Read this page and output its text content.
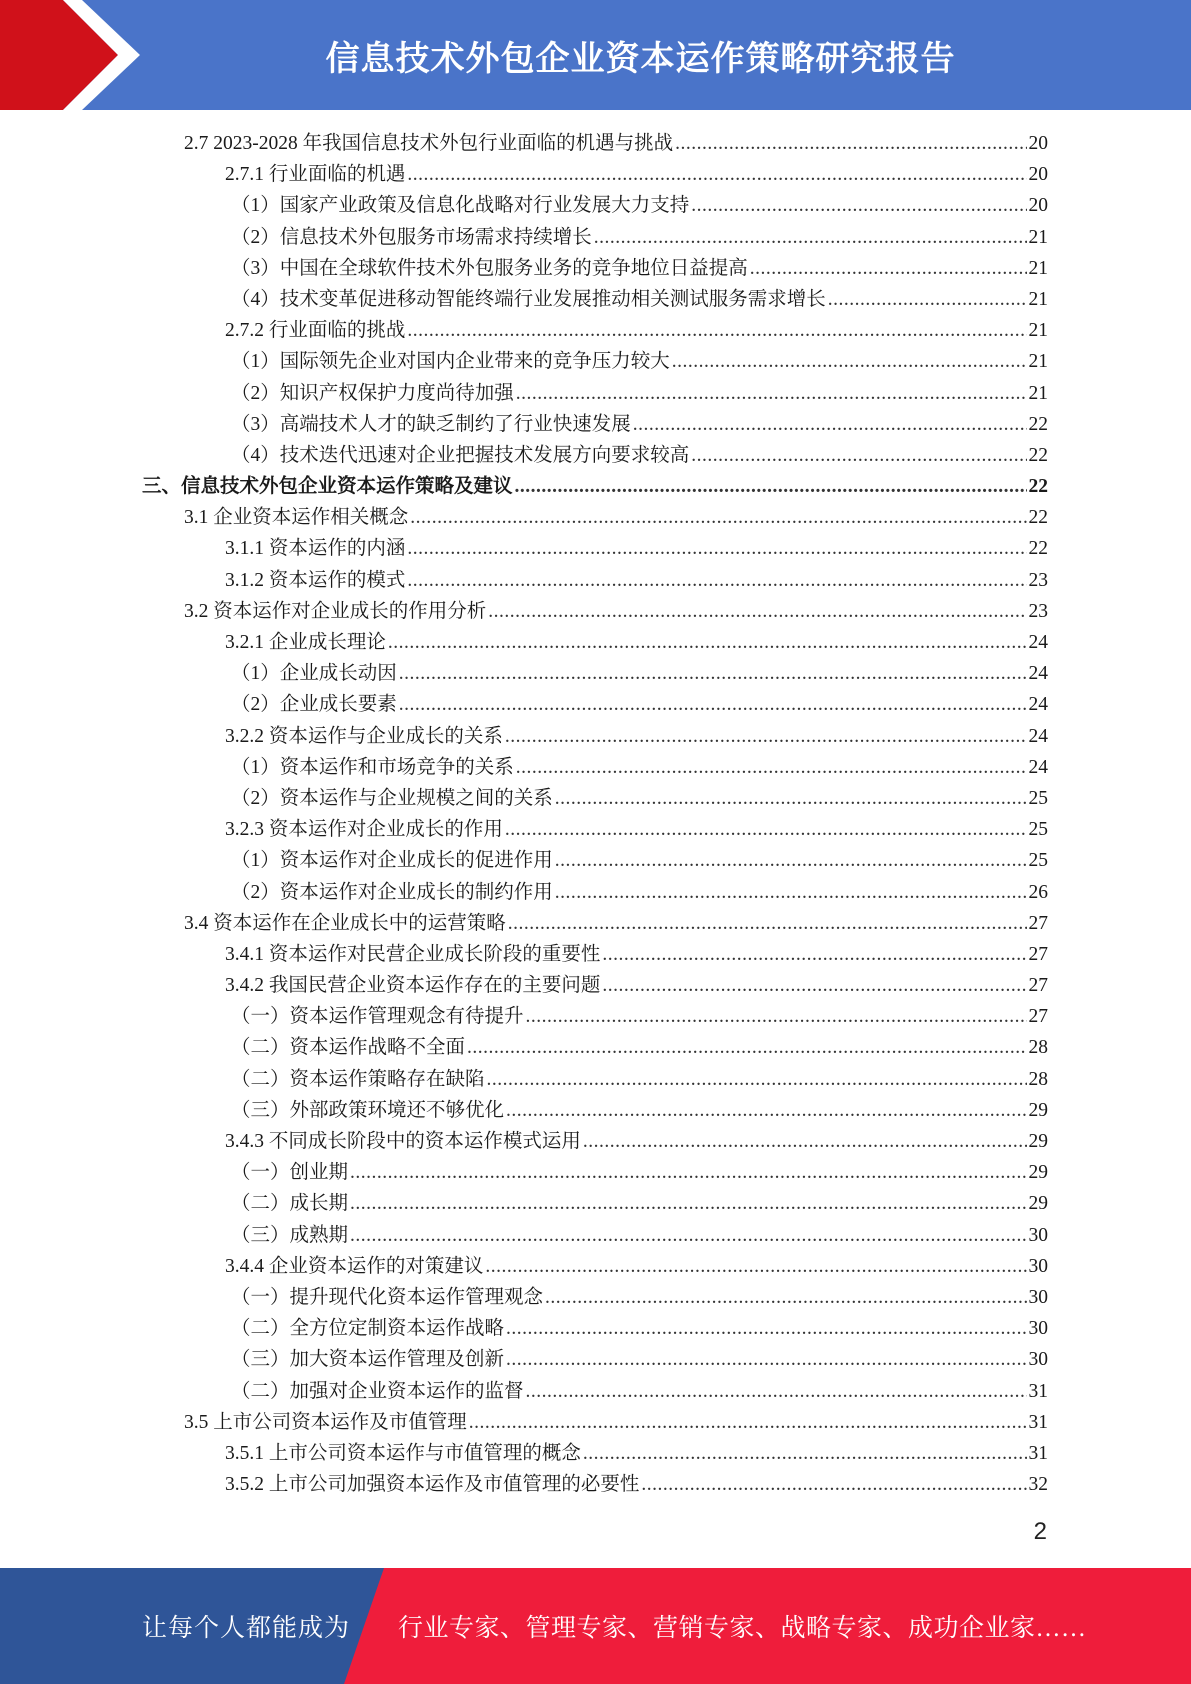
信息技术外包企业资本运作策略研究报告
2.7 2023-2028 年我国信息技术外包行业面临的机遇与挑战 .....	20
2.7.1 行业面临的机遇 .....	20
（1）国家产业政策及信息化战略对行业发展大力支持 .....	20
（2）信息技术外包服务市场需求持续增长 .....	21
（3）中国在全球软件技术外包服务业务的竞争地位日益提高 .....	21
（4）技术变革促进移动智能终端行业发展推动相关测试服务需求增长 .....	21
2.7.2 行业面临的挑战 .....	21
（1）国际领先企业对国内企业带来的竞争压力较大 .....	21
（2）知识产权保护力度尚待加强 .....	21
（3）高端技术人才的缺乏制约了行业快速发展 .....	22
（4）技术迭代迅速对企业把握技术发展方向要求较高 .....	22
三、信息技术外包企业资本运作策略及建议 .....	22
3.1 企业资本运作相关概念 .....	22
3.1.1 资本运作的内涵 .....	22
3.1.2 资本运作的模式 .....	23
3.2 资本运作对企业成长的作用分析 .....	23
3.2.1 企业成长理论 .....	24
（1）企业成长动因 .....	24
（2）企业成长要素 .....	24
3.2.2 资本运作与企业成长的关系 .....	24
（1）资本运作和市场竞争的关系 .....	24
（2）资本运作与企业规模之间的关系 .....	25
3.2.3 资本运作对企业成长的作用 .....	25
（1）资本运作对企业成长的促进作用 .....	25
（2）资本运作对企业成长的制约作用 .....	26
3.4 资本运作在企业成长中的运营策略 .....	27
3.4.1 资本运作对民营企业成长阶段的重要性 .....	27
3.4.2 我国民营企业资本运作存在的主要问题 .....	27
（一）资本运作管理观念有待提升 .....	27
（二）资本运作战略不全面 .....	28
（二）资本运作策略存在缺陷 .....	28
（三）外部政策环境还不够优化 .....	29
3.4.3 不同成长阶段中的资本运作模式运用 .....	29
（一）创业期 .....	29
（二）成长期 .....	29
（三）成熟期 .....	30
3.4.4 企业资本运作的对策建议 .....	30
（一）提升现代化资本运作管理观念 .....	30
（二）全方位定制资本运作战略 .....	30
（三）加大资本运作管理及创新 .....	30
（二）加强对企业资本运作的监督 .....	31
3.5 上市公司资本运作及市值管理 .....	31
3.5.1 上市公司资本运作与市值管理的概念 .....	31
3.5.2 上市公司加强资本运作及市值管理的必要性 .....	32
2
让每个人都能成为 行业专家、管理专家、营销专家、战略专家、成功企业家……
